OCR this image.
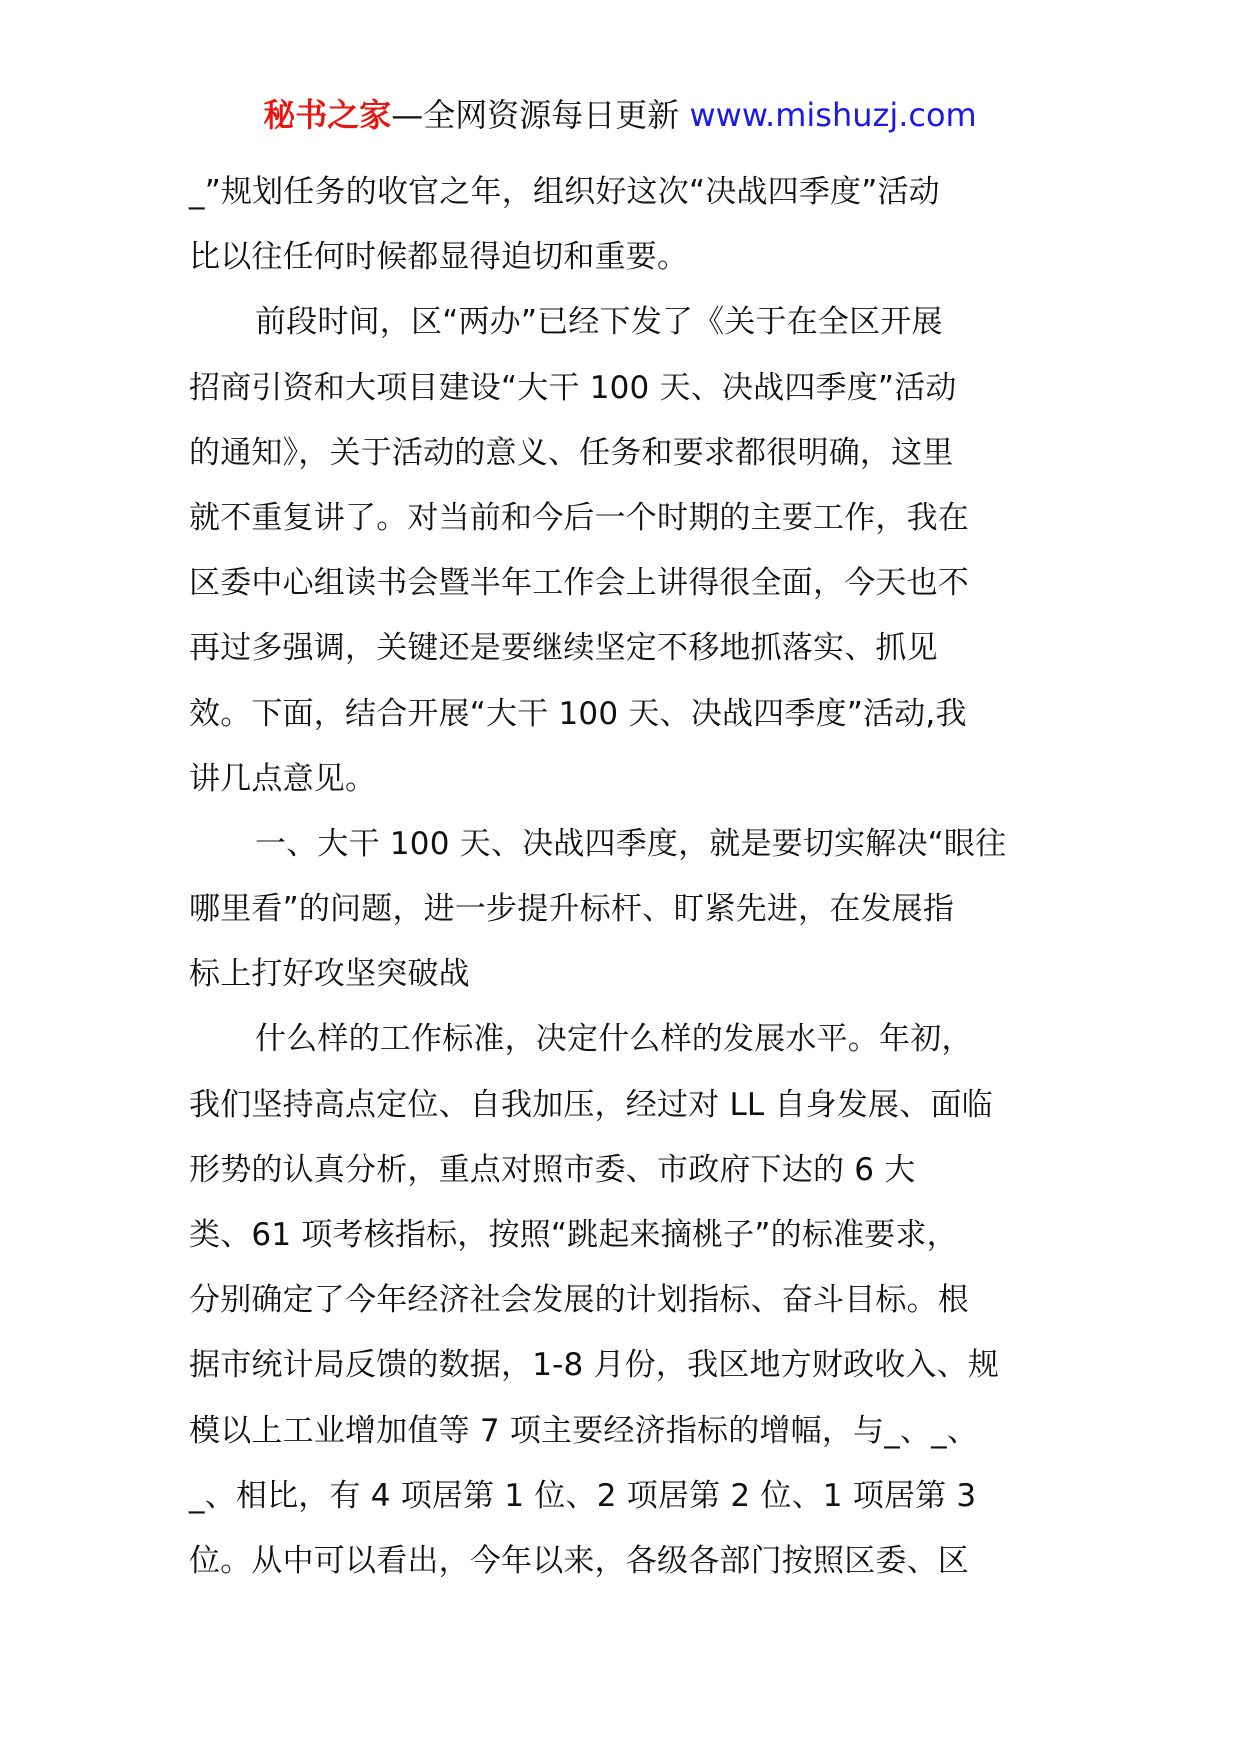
秘书之家—全网资源每日更新 www.mishuzj.com
_”规划任务的收官之年，组织好这次“决战四季度”活动
比以往任何时候都显得迫切和重要。
前段时间，区“两办”已经下发了《关于在全区开展
招商引资和大项目建设“大干 100 天、决战四季度”活动
的通知》，关于活动的意义、任务和要求都很明确，这里
就不重复讲了。对当前和今后一个时期的主要工作，我在
区委中心组读书会暨半年工作会上讲得很全面，今天也不
再过多强调，关键还是要继续坚定不移地抓落实、抓见
效。下面，结合开展“大干 100 天、决战四季度”活动,我
讲几点意见。
一、大干 100 天、决战四季度，就是要切实解决“眼往
哪里看”的问题，进一步提升标杆、盯紧先进，在发展指
标上打好攻坚突破战
什么样的工作标准，决定什么样的发展水平。年初，
我们坚持高点定位、自我加压，经过对 LL 自身发展、面临
形势的认真分析，重点对照市委、市政府下达的 6 大
类、61 项考核指标，按照“跳起来摘桃子”的标准要求，
分别确定了今年经济社会发展的计划指标、奋斗目标。根
据市统计局反馈的数据，1-8 月份，我区地方财政收入、规
模以上工业增加值等 7 项主要经济指标的增幅，与_、_、
_、相比，有 4 项居第 1 位、2 项居第 2 位、1 项居第 3
位。从中可以看出，今年以来，各级各部门按照区委、区
